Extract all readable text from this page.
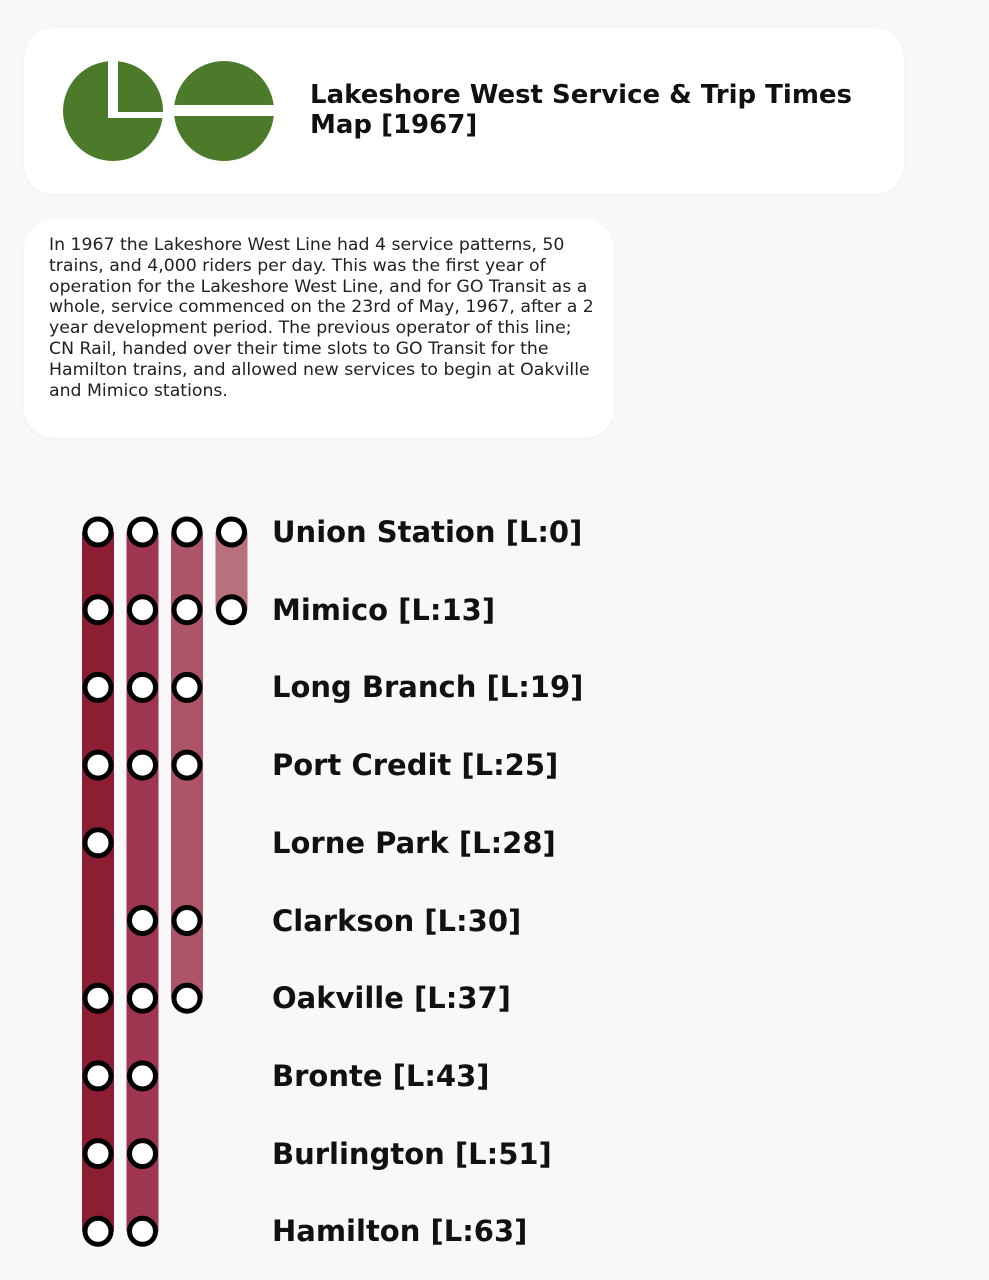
Lakeshore West Service & Trip Times Map [1967]
In 1967 the Lakeshore West Line had 4 service patterns, 50 trains, and 4,000 riders per day. This was the first year of operation for the Lakeshore West Line, and for GO Transit as a whole, service commenced on the 23rd of May, 1967, after a 2 year development period. The previous operator of this line; CN Rail, handed over their time slots to GO Transit for the Hamilton trains, and allowed new services to begin at Oakville and Mimico stations.
Union Station [L:0]
Mimico [L:13]
Long Branch [L:19]
Port Credit [L:25]
Lorne Park [L:28]
Clarkson [L:30]
Oakville [L:37]
Bronte [L:43]
Burlington [L:51]
Hamilton [L:63]
